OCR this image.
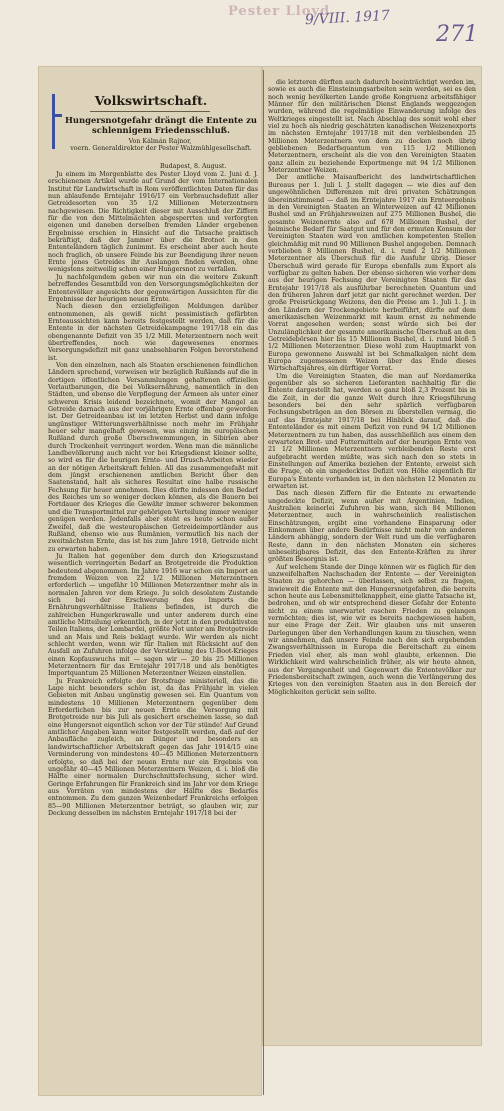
Pester Lloyd
9/VIII. 1917
271
Volkswirtschaft.
Hungersnotgefahr drängt die Entente zu schlennigem Friedensschluß.
Von Kálmán Rajnor,
voern. Generaldirektor der Pester Walzmühlgesellschaft.
Budapest, 8. August.

Ju einem im Morgenblatte des Pester Lloyd vom 2. Juni d. J. erschienenen Artikel wurde auf Grund der vom Internationalen Institut für Landwirtschaft in Rom veröffentlichten Daten für das nun ablaufende Erntejahr 1916/17 ein Verbrauchsdefizit aller Getreidesorten von 35 1/2 Millionen Meterzentnern nachgewiesen. Die Richtigkeit dieser mit Ausschluß der Ziffern für die von den Mittelmächten abgesperrten und verforgten eigenen und daneben derselben fremden Länder ergebenen Ergebnisse erschien in Hinsicht auf die Tatsache praktisch bekräftigt, daß der Jammer über die Brotnot in den Ententeländern täglich zunimmt. Es erscheint aber auch heute noch fraglich, ob unsere Feinde bis zur Beendigung ihrer neuen Ernte jenes Getreides ihr Auslangen finden werden, ohne wenigstens zeitweilig schon einer Hungersnot zu verfallen.

Ju nachfolgendem geben wir nun ein die weitere Zukunft betreffendes Gesamtbild von den Versorgungsmöglichkeiten der Ententevölker angesichts der gegenwärtigen Aussichten für die Ergebnisse der heurigen neuen Ernte.

Nach diesen den erzieligfeiligen Meldungen darüber entnommenen, als gewiß nicht pessimistisch gefärbten Ernteaussichten kann bereits festgestellt werden, daß für die Entente in der nächsten Getreidekampagne 1917/18 ein das obengenannte Defizit von 35 1/2 Mill. Meterzentnern noch weit übertreffendes, noch wie dagewesenes enormes Versorgungsdefizit mit ganz unabsehbaren Folgen bevorstehend ist.

Von den einzelnen, nach als Staaten erschienenen feindlichen Ländern sprechend, verweisen wir bezüglich Rußlands auf die in dortigen öffentlichen Versammlungen gehaltenen offiziellen Verlautbarungen, die bei Volksernährung, namentlich in den Städten, und ebenso die Verpflegung der Armeen als unter einer schweren Krisis leidend bezeichnete, womit der Mangel an Getreide darnach aus der vorjährigen Ernte offenbar geworden ist. Der Getreideanbau ist im letzten Herbst und dann infolge ungünstiger Witterungsverhältnisse noch mehr im Frühjahr heuer sehr mangelhaft gewesen, was einzig im europäischen Rußland durch große Überschwemmungen, in Sibirien aber durch Trockenheit verringert worden. Wenn man die männliche Landbevölkerung auch nicht vor bei Kriegsdienst kleiner sollte, so wird es für die heurigen Ernte- und Drusch-Arbeiten wieder an der nötigen Arbeitskraft fehlen. All das zusammengefaßt mit dem jüngst erschienenen amtlichen Bericht über den Saatenstand, halt als sicheres Resultat eine halbe russische Fechsung für heuer annehmen. Dies dürfte indessen den Bedarf des Reiches um so weniger decken können, als die Bauern bei Fortdauer des Krieges die Gewähr immer schwerer bekommen und die Transportmittel zur gehörigen Verteilung immer weniger genügen werden. Jedenfalls aber steht es heute schon außer Zweifel, daß die westeuropäischen Getreideimportländer aus Rußland, ebenso wie aus Rumänien, vermutlich bis nach der zweitnächsten Ernte, das ist bis zum Jahre 1918, Getreide nicht zu erwarten haben.

Ju Italien hat gegenüber dem durch den Kriegszustand wesentlich verringerten Bedarf an Brotgetreide die Produktion bedeutend abgenommen. Im Jahre 1916 war schon ein Import an fremdem Weizen von 22 1/2 Millionen Meterzentnern erforderlich — ungefähr 10 Millionen Meterzentner mehr als in normalen Jahren vor dem Kriege. Ju solch desolatem Zustande sich bei der Erschwerung des Imports die Ernährungsverhältnisse Italiens befinden, ist durch die zahlreichen Hungerkrawalle und unter anderem durch eine amtliche Mitteilung erkenntlich, in der jetzt in den produktivsten Teilen Italiens, der Lombardei, größte Not unter am Brotgetreide und an Mais und Reis beklagt wurde. Wir werden als nicht schlecht werden, wenn wir für Italien mit Rücksicht auf den Ausfall an Zufuhren infolge der Verstärkung des U-Boot-Krieges einen Kopfauswuchs mit — sagen wir — 20 bis 25 Millionen Meterzentnern für das Erntejahr 1917/18 und als benötigtes Importquantum 25 Millionen Meterzentner Weizen einstellen.

Ju Frankreich erfolgte der Brotsfrage ministeriell, das die Lage nicht besonders schön ist, da das Frühjahr in vielen Gebieten mit Anbau ungünstig gewesen sei. Ein Quantum von mindestens 10 Millionen Meterzentnern gegenüber dem Erforderlichen bis zur neuen Ernte die Versorgung mit Brotgetreide nur bis Juli als gesichert erscheinen lasse, so daß eine Hungersnot eigentlich schon vor der Tür stünde! Auf Grund amtlicher Angaben kann weiter festgestellt werden, daß auf der Anbaufläche zugleich, an Dünger und besonders an landwirtschaftlicher Arbeitskraft gegen das Jahr 1914/15 eine Verminderung von mindestens 40—45 Millionen Meterzentnern erfolgte, so daß bei der neuen Ernte nur ein Ergebnis von ungefähr 40—45 Millionen Meterzentnern Weizen, d. i. bloß die Hälfte einer normalen Durchschnittsfechsung, sicher wird. Geringe Erfahrungen für Frankreich sind im Jahr vor dem Kriege aus Vorräten von mindestens der Hälfte des Bedarfes entnommen. Zu dem ganzen Weizenbedarf Frankreichs erfolgen 85—90 Millionen Meterzentner beträgt, so glauben wir, zur Deckung desselben im nächsten Erntejahr 1917/18 bei der

die letzteren dürften auch dadurch beeinträchtigt werden im, sowie es auch die Einsteinungsarbeiten sein werden, sei es den noch wenig bevölkerten Lande große Kongruenz arbeitsfähiger Männer für den militärischen Dienst Englands weggezogen wurden, während die regelmäßige Einwanderung infolge des Weltkrieges eingestellt ist. Nach Abschlag des somit wohl eher viel zu hoch als niedrig geschätzten kanadischen Weizenexports im nächsten Erntejahr 1917/18 mit den verbleibenden 25 Millionen Meterzentnern von dem zu decken noch übrig gebliebenen Bedarfsquantum von 115 1/2 Millionen Meterzentnern, erscheint als die von den Vereinigten Staaten ganz allein zu beziehende Exportmenge mit 94 1/2 Millionen Meterzentner Weizen.

Der amtliche Maisaufbericht des landwirtschaftlichen Bureaus per 1. Juli l. J. stellt dagegen — wie dies auf den ungewöhnlichen Differenzen mit drei privaten Schätzungen übereinstimmend — daß im Erntejahre 1917 ein Ernteergebnis in den Vereinigten Staaten an Winterweizen auf 42 Millionen Bushel und an Frühjahrsweizen auf 275 Millionen Bushel, die gesamte Weizenernte also auf 678 Millionen Bushel, der heimische Bedarf für Saatgut und für den ermuten Konsum der Vereinigten Staaten wird von amtlichen kompetenten Stellen gleichmäßig mit rund 90 Millionen Bushel angegeben. Demnach verblieben 8 Millionen Bushel, d. i. rund 2 1/2 Millionen Meterzentner als Überschuß für die Ausfuhr übrig. Dieser Überschuß wird gerade für Europa ebenfalls zum Export als verfügbar zu gelten haben. Der ebenso sicheren wie vorher dem aus der heurigen Fechsung der Vereinigten Staaten für das Erntejahr 1917/18 als ausführbar berechneten Quantum und den früheren Jahren darf jetzt gar nicht gerechnet werden. Der große Preisrückgang Weizens, den die Preise am 1. Juli 1. J. in den Ländern der Trockengebiete herbeiführt, dürfte auf dem amerikanischen Weizenmarkt mit kaum ernst zu nehmende Vorrat angesehen werden; sonst würde sich bei der Unzulänglichkeit der gesamte amerikanische Überschuß an den Getreidebörsen hier bis 15 Millionen Bushel, d. i. rund bloß 5 1/2 Millionen Meterzentner. Diese wohl zum Hauptmarkt von Europa gewonnene Auswahl ist bei Schmalkalgen nicht dem Europa zugemessenen Weizen über das Ende dieses Wirtschaftsjahres, ein dürftiger Vorrat.

Um die Vereinigten Staaten, die man auf Nordamerika gegenüber als so sicheren Lieferanten nachhaltig für die Entente dargestellt hat, werden so ganz bloß 2,3 Prozent bis in die Zeit, in der die ganze Welt durch ihre Kriegsführung besonders bei den sehr spärlich verfügbaren Fechsungsbeträgen an den Börsen zu überstellen vermag, die auf das Erntejahr 1917/18 bei Hinblick darauf, daß die Ententeländer es mit einem Defizit von rund 94 1/2 Millionen Meterzentnern zu tun haben, das ausschließlich aus einem den erwarteten Brot- und Futtermitteln auf der heurigen Ernte von 21 1/2 Millionen Meterzentnern verbleibenden Reste erst aufgebracht werden müßte, was sich nach den so stets in Einstellungen auf Amerika beziehen der Entente, erweist sich die Frage, ob ein ungedecktes Defizit von Höhe eigentlich für Europa's Entente vorhanden ist, in den nächsten 12 Monaten zu erwarten ist.

Das nach diesen Ziffern für die Entente zu erwartende ungedeckte Defizit, wenn außer mit Argentinien, Indien, Australien keinerlei Zufuhren bis wann, sich 84 Millionen Meterzentner, auch in wahrscheinlich realistischen Einschätzungen, ergibt eine vorhandene Einsparung oder Einkommen über andere Bedürfnisse nicht mehr von anderen Ländern abhängig, sondern der Welt rund um die verfügbaren Reste, dann in den nächsten Monaten ein sicheres unbeseitigbares Defizit, das den Entente-Kräften zu ihrer größten Besorgnis ist.

Auf welchem Stande der Dinge können wir es füglich für den unzweifelhaften Nachschaden der Entente — der Vereinigten Staaten zu gehorchen — überlassen, sich selbst zu fragen, inwieweit die Entente mit den Hungersnotgefahren, die bereits schon heute aus Lebensmittelknappheit, eine glatte Tatsache ist, bedrohen, und ob wir entsprechend dieser Gefahr der Entente nicht zu einem unerwartet raschen Frieden zu gelangen vermöchten; dies ist, wie wir es bereits nachgewiesen haben, nur eine Frage der Zeit. Wir glauben uns mit unseren Darlegungen über den Verhandlungen kaum zu täuschen, wenn wir annehmen, daß unsere Feinde nach den sich ergebenden Zwangsverhältnissen in Europa die Bereitschaft zu einem Frieden viel eher, als man wohl glaubte, erkennen. Die Wirklichkeit wird wahrscheinlich früher, als wir heute ahnen, aus der Vergangenheit und Gegenwart die Ententevölker zur Friedensbereitschaft zwingen, auch wenn die Verlängerung des Krieges von den vereinigten Staaten aus in den Bereich der Möglichkeiten gerückt sein sollte.
